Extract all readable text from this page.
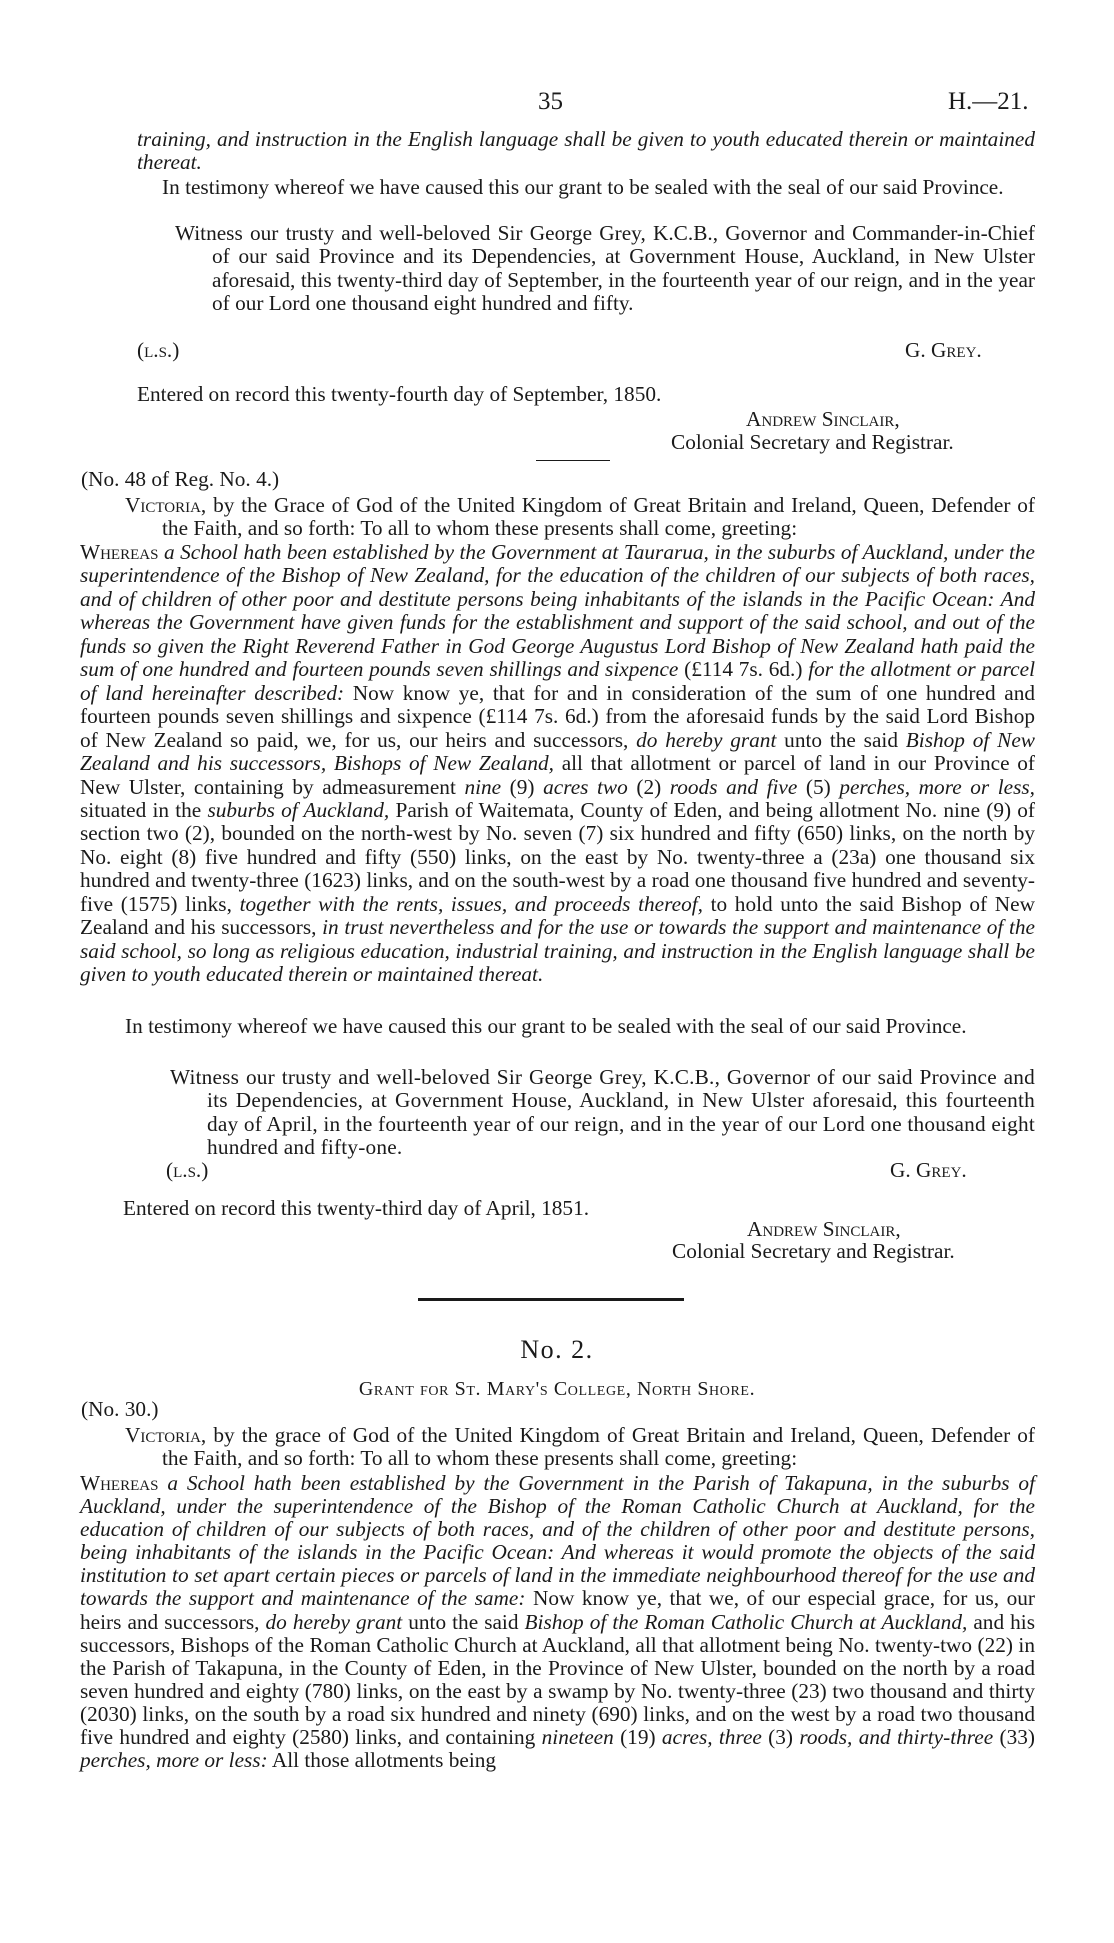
35	H.—21.
training, and instruction in the English language shall be given to youth educated therein or maintained thereat.
In testimony whereof we have caused this our grant to be sealed with the seal of our said Province.
Witness our trusty and well-beloved Sir George Grey, K.C.B., Governor and Commander-in-Chief of our said Province and its Dependencies, at Government House, Auckland, in New Ulster aforesaid, this twenty-third day of September, in the fourteenth year of our reign, and in the year of our Lord one thousand eight hundred and fifty.
(l.s.)	G. Grey.
Entered on record this twenty-fourth day of September, 1850.
Andrew Sinclair,
Colonial Secretary and Registrar.
(No. 48 of Reg. No. 4.)
Victoria, by the Grace of God of the United Kingdom of Great Britain and Ireland, Queen, Defender of the Faith, and so forth: To all to whom these presents shall come, greeting:
Whereas a School hath been established by the Government at Taurarua, in the suburbs of Auckland, under the superintendence of the Bishop of New Zealand, for the education of the children of our subjects of both races, and of children of other poor and destitute persons being inhabitants of the islands in the Pacific Ocean: And whereas the Government have given funds for the establishment and support of the said school, and out of the funds so given the Right Reverend Father in God George Augustus Lord Bishop of New Zealand hath paid the sum of one hundred and fourteen pounds seven shillings and sixpence (£114 7s. 6d.) for the allotment or parcel of land hereinafter described: Now know ye, that for and in consideration of the sum of one hundred and fourteen pounds seven shillings and sixpence (£114 7s. 6d.) from the aforesaid funds by the said Lord Bishop of New Zealand so paid, we, for us, our heirs and successors, do hereby grant unto the said Bishop of New Zealand and his successors, Bishops of New Zealand, all that allotment or parcel of land in our Province of New Ulster, containing by admeasurement nine (9) acres two (2) roods and five (5) perches, more or less, situated in the suburbs of Auckland, Parish of Waitemata, County of Eden, and being allotment No. nine (9) of section two (2), bounded on the north-west by No. seven (7) six hundred and fifty (650) links, on the north by No. eight (8) five hundred and fifty (550) links, on the east by No. twenty-three a (23a) one thousand six hundred and twenty-three (1623) links, and on the south-west by a road one thousand five hundred and seventy-five (1575) links, together with the rents, issues, and proceeds thereof, to hold unto the said Bishop of New Zealand and his successors, in trust nevertheless and for the use or towards the support and maintenance of the said school, so long as religious education, industrial training, and instruction in the English language shall be given to youth educated therein or maintained thereat.
In testimony whereof we have caused this our grant to be sealed with the seal of our said Province.
Witness our trusty and well-beloved Sir George Grey, K.C.B., Governor of our said Province and its Dependencies, at Government House, Auckland, in New Ulster aforesaid, this fourteenth day of April, in the fourteenth year of our reign, and in the year of our Lord one thousand eight hundred and fifty-one.
(l.s.)	G. Grey.
Entered on record this twenty-third day of April, 1851.
Andrew Sinclair,
Colonial Secretary and Registrar.
No. 2.
Grant for St. Mary's College, North Shore.
(No. 30.)
Victoria, by the grace of God of the United Kingdom of Great Britain and Ireland, Queen, Defender of the Faith, and so forth: To all to whom these presents shall come, greeting:
Whereas a School hath been established by the Government in the Parish of Takapuna, in the suburbs of Auckland, under the superintendence of the Bishop of the Roman Catholic Church at Auckland, for the education of children of our subjects of both races, and of the children of other poor and destitute persons, being inhabitants of the islands in the Pacific Ocean: And whereas it would promote the objects of the said institution to set apart certain pieces or parcels of land in the immediate neighbourhood thereof for the use and towards the support and maintenance of the same: Now know ye, that we, of our especial grace, for us, our heirs and successors, do hereby grant unto the said Bishop of the Roman Catholic Church at Auckland, and his successors, Bishops of the Roman Catholic Church at Auckland, all that allotment being No. twenty-two (22) in the Parish of Takapuna, in the County of Eden, in the Province of New Ulster, bounded on the north by a road seven hundred and eighty (780) links, on the east by a swamp by No. twenty-three (23) two thousand and thirty (2030) links, on the south by a road six hundred and ninety (690) links, and on the west by a road two thousand five hundred and eighty (2580) links, and containing nineteen (19) acres, three (3) roods, and thirty-three (33) perches, more or less: All those allotments being
